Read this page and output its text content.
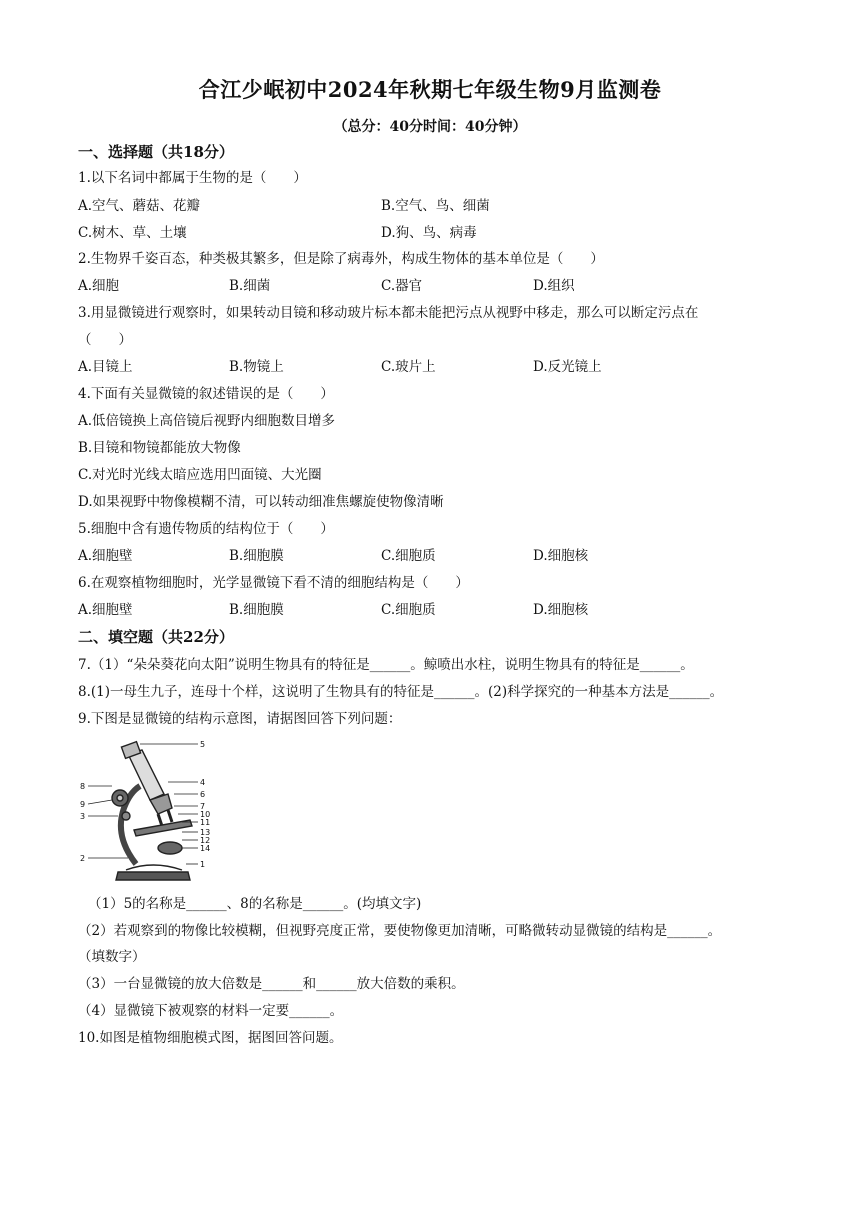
合江少岷初中2024年秋期七年级生物9月监测卷
（总分：40分时间：40分钟）
一、选择题（共18分）
1.以下名词中都属于生物的是（　　）
A.空气、蘑菇、花瓣	B.空气、鸟、细菌
C.树木、草、土壤	D.狗、鸟、病毒
2.生物界千姿百态，种类极其繁多，但是除了病毒外，构成生物体的基本单位是（　　）
A.细胞	B.细菌	C.器官	D.组织
3.用显微镜进行观察时，如果转动目镜和移动玻片标本都未能把污点从视野中移走，那么可以断定污点在
（　　）
A.目镜上	B.物镜上	C.玻片上	D.反光镜上
4.下面有关显微镜的叙述错误的是（　　）
A.低倍镜换上高倍镜后视野内细胞数目增多
B.目镜和物镜都能放大物像
C.对光时光线太暗应选用凹面镜、大光圈
D.如果视野中物像模糊不清，可以转动细准焦螺旋使物像清晰
5.细胞中含有遗传物质的结构位于（　　）
A.细胞壁	B.细胞膜	C.细胞质	D.细胞核
6.在观察植物细胞时，光学显微镜下看不清的细胞结构是（　　）
A.细胞壁	B.细胞膜	C.细胞质	D.细胞核
二、填空题（共22分）
7.（1）“朵朵葵花向太阳”说明生物具有的特征是______。鲸喷出水柱，说明生物具有的特征是______。
8.(1)一母生九子，连母十个样，这说明了生物具有的特征是______。(2)科学探究的一种基本方法是______。
9.下图是显微镜的结构示意图，请据图回答下列问题：
5
8	4
9
6
3
7
10
11
13
12
14
2
1
（1）5的名称是______、8的名称是______。(均填文字)
（2）若观察到的物像比较模糊，但视野亮度正常，要使物像更加清晰，可略微转动显微镜的结构是______。
（填数字）
（3）一台显微镜的放大倍数是______和______放大倍数的乘积。
（4）显微镜下被观察的材料一定要______。
10.如图是植物细胞模式图，据图回答问题。
